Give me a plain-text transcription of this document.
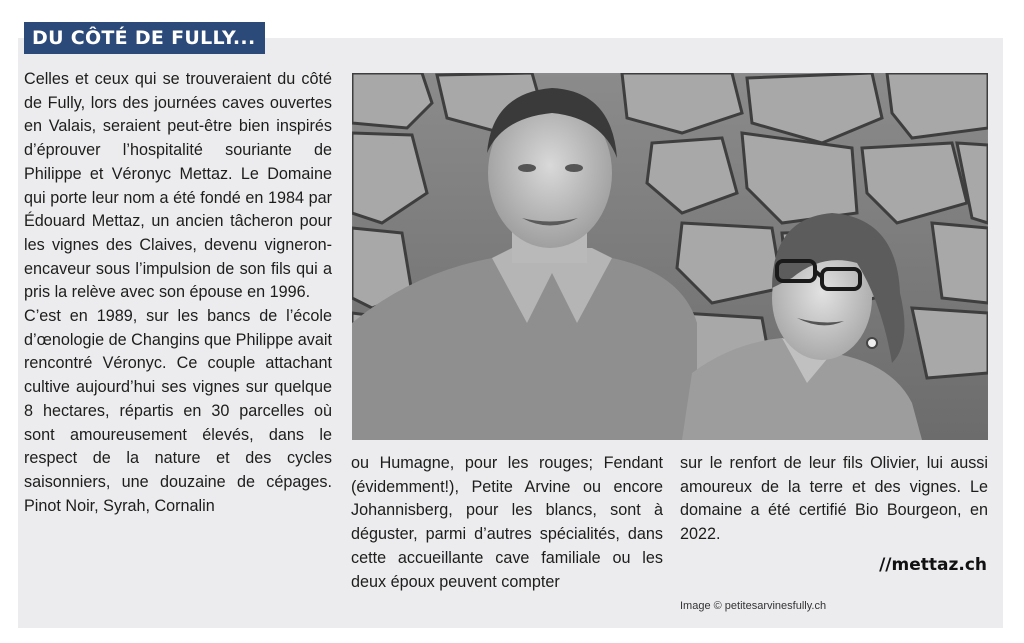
DU CÔTÉ DE FULLY...

Celles et ceux qui se trouveraient du côté de Fully, lors des journées caves ouvertes en Valais, seraient peut-être bien inspirés d’éprouver l’hospitalité souriante de Philippe et Véronyc Mettaz. Le Domaine qui porte leur nom a été fondé en 1984 par Édouard Mettaz, un ancien tâcheron pour les vignes des Claives, devenu vigneron-encaveur sous l’impulsion de son fils qui a pris la relève avec son épouse en 1996.

C’est en 1989, sur les bancs de l’école d’œnologie de Changins que Philippe avait rencontré Véronyc. Ce couple attachant cultive aujourd’hui ses vignes sur quelque 8 hectares, répartis en 30 parcelles où sont amoureusement élevés, dans le respect de la nature et des cycles saisonniers, une douzaine de cépages. Pinot Noir, Syrah, Cornalin

ou Humagne, pour les rouges; Fendant (évidemment!), Petite Arvine ou encore Johannisberg, pour les blancs, sont à déguster, parmi d’autres spécialités, dans cette accueillante cave familiale ou les deux époux peuvent compter

sur le renfort de leur fils Olivier, lui aussi amoureux de la terre et des vignes. Le domaine a été certifié Bio Bourgeon, en 2022.

//mettaz.ch
Image © petitesarvinesfully.ch
